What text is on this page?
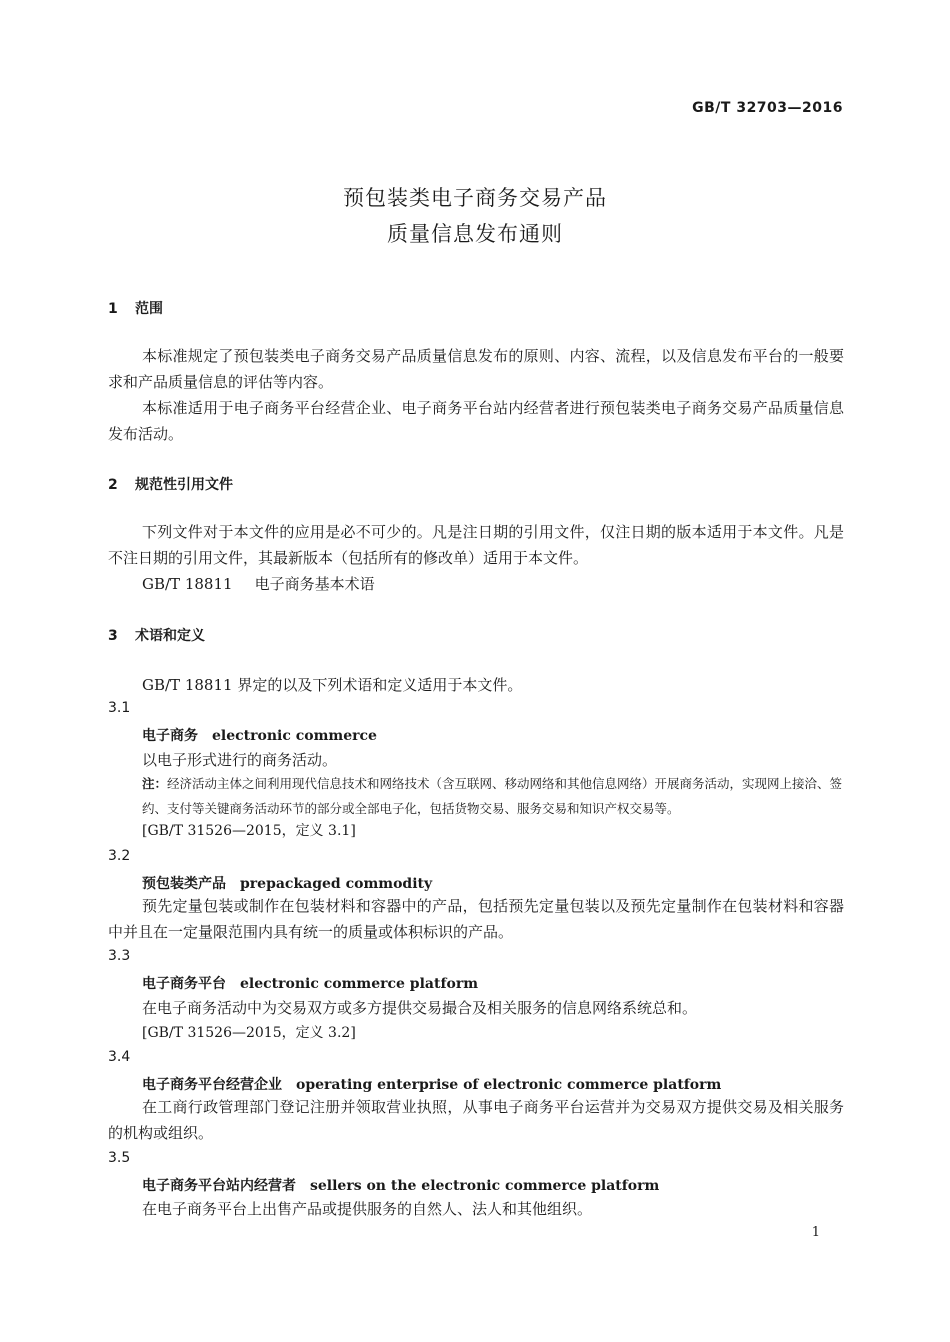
GB/T 32703—2016
预包装类电子商务交易产品
质量信息发布通则
1 范围
本标准规定了预包装类电子商务交易产品质量信息发布的原则、内容、流程，以及信息发布平台的一般要求和产品质量信息的评估等内容。
本标准适用于电子商务平台经营企业、电子商务平台站内经营者进行预包装类电子商务交易产品质量信息发布活动。
2 规范性引用文件
下列文件对于本文件的应用是必不可少的。凡是注日期的引用文件，仅注日期的版本适用于本文件。凡是不注日期的引用文件，其最新版本（包括所有的修改单）适用于本文件。
GB/T 18811 电子商务基本术语
3 术语和定义
GB/T 18811 界定的以及下列术语和定义适用于本文件。
3.1
电子商务 electronic commerce
以电子形式进行的商务活动。
注：经济活动主体之间利用现代信息技术和网络技术（含互联网、移动网络和其他信息网络）开展商务活动，实现网上接洽、签约、支付等关键商务活动环节的部分或全部电子化，包括货物交易、服务交易和知识产权交易等。
[GB/T 31526—2015，定义 3.1]
3.2
预包装类产品 prepackaged commodity
预先定量包装或制作在包装材料和容器中的产品，包括预先定量包装以及预先定量制作在包装材料和容器中并且在一定量限范围内具有统一的质量或体积标识的产品。
3.3
电子商务平台 electronic commerce platform
在电子商务活动中为交易双方或多方提供交易撮合及相关服务的信息网络系统总和。
[GB/T 31526—2015，定义 3.2]
3.4
电子商务平台经营企业 operating enterprise of electronic commerce platform
在工商行政管理部门登记注册并领取营业执照，从事电子商务平台运营并为交易双方提供交易及相关服务的机构或组织。
3.5
电子商务平台站内经营者 sellers on the electronic commerce platform
在电子商务平台上出售产品或提供服务的自然人、法人和其他组织。
1
